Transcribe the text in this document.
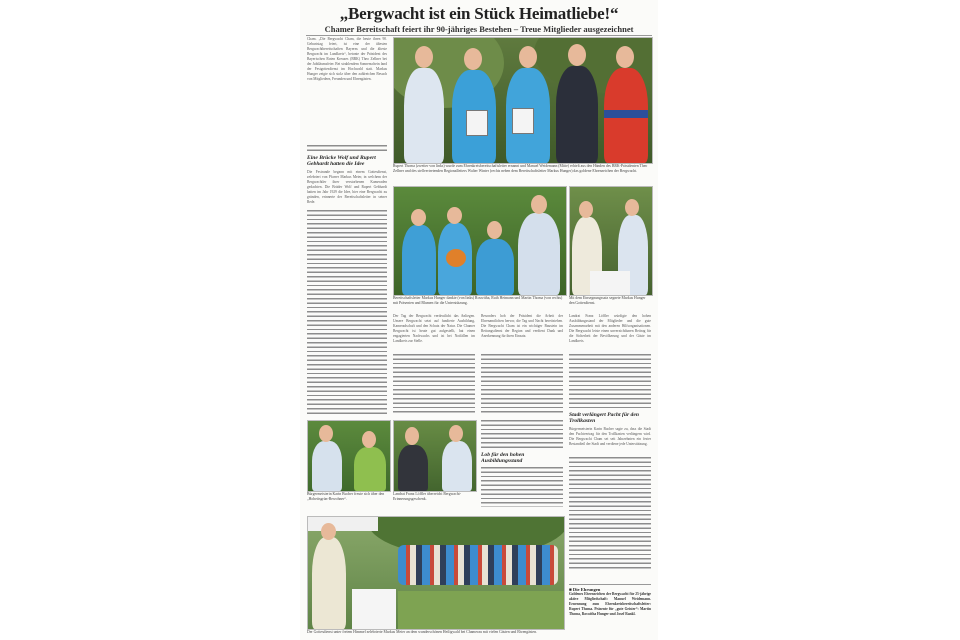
„Bergwacht ist ein Stück Heimatliebe!“
Chamer Bereitschaft feiert ihr 90-jähriges Bestehen – Treue Mitglieder ausgezeichnet
Cham. „Die Bergwacht Cham, die heute ihren 90. Geburtstag feiert, ist eine der ältesten Bergwachtbereitschaften Bayerns und die älteste Bergwacht im Landkreis“, betonte der Präsident des Bayerischen Roten Kreuzes (BRK) Theo Zellner bei der Jubiläumsfeier. Bei strahlendem Sonnenschein fand der Festgottesdienst im Hochwald statt. Markus Hunger zeigte sich stolz über den zahlreichen Besuch von Mitgliedern, Freunden und Ehrengästen.
Eine Brücke Wolf und Rupert Gebhardt hatten die Idee
Die Festrunde begann mit einem Gottesdienst, zelebriert von Pfarrer Markus Meier, in welchem der Bergwachtler ihrer verstorbenen Kameraden gedachten. Die Brüder Wolf und Rupert Gebhardt hatten im Jahr 1929 die Idee, hier eine Bergwacht zu gründen, erinnerte der Bereitschaftsleiter in seiner Rede.
Rupert Thoma (zweiter von links) wurde zum Ehrenkreisbereitschaftsleiter ernannt und Manuel Weidemann (Mitte) erhielt aus den Händen des BRK-Präsidenten Theo Zellner und des stellvertretenden Regionalleiters Walter Winter (rechts neben dem Bereitschaftsleiter Markus Hunger) das goldene Ehrenzeichen der Bergwacht.
Bereitschaftsleiter Markus Hunger dankte (von links) Roswitha, Ruth Heimann und Martin Thoma (von rechts) mit Präsenten und Blumen für die Unterstützung.
Mit dem Einsegnungssatz segnete Markus Hunger den Gottesdienst.
Der Tag der Bergwacht verdeutlicht das Anliegen. Unsere Bergwacht setzt auf fundierte Ausbildung, Kameradschaft und den Schutz der Natur. Die Chamer Bergwacht ist heute gut aufgestellt, hat einen engagierten Nachwuchs und ist bei Notfällen im Landkreis zur Stelle.
Besonders hob der Präsident die Arbeit der Ehrenamtlichen hervor, die Tag und Nacht bereitstehen. Die Bergwacht Cham ist ein wichtiger Baustein im Rettungsdienst der Region und verdient Dank und Anerkennung für ihren Einsatz.
Landrat Franz Löffler würdigte den hohen Ausbildungsstand der Mitglieder und die gute Zusammenarbeit mit den anderen Hilfsorganisationen. Die Bergwacht leiste einen unverzichtbaren Beitrag für die Sicherheit der Bevölkerung und der Gäste im Landkreis.
Stadt verlängert Pacht für den Trollkasten
Bürgermeisterin Karin Bucher sagte zu, dass die Stadt den Pachtvertrag für den Trollkasten verlängern wird. Die Bergwacht Cham sei seit Jahrzehnten ein fester Bestandteil der Stadt und verdiene jede Unterstützung.
Bürgermeisterin Karin Bucher freute sich über den „Hoheitsgrün-Bewohner“.
Landrat Franz Löffler überreicht Bergwacht-Erinnerungsgeschenk.
Lob für den hohen Ausbildungsstand
Der Gottesdienst unter freiem Himmel zelebrierte Markus Meier an dem wunderschönen Heiligwald bei Chamerau mit vielen Gästen und Ehrengästen.
■ Die Ehrungen
Goldenes Ehrenzeichen der Bergwacht für 25-jährige aktive Mitgliedschaft: Manuel Weidemann. Ernennung zum Ehrenkreisbereitschaftsleiter: Rupert Thoma. Präsente für „gute Geister“: Martin Thoma, Roswitha Hunger und Josef Rankl.
